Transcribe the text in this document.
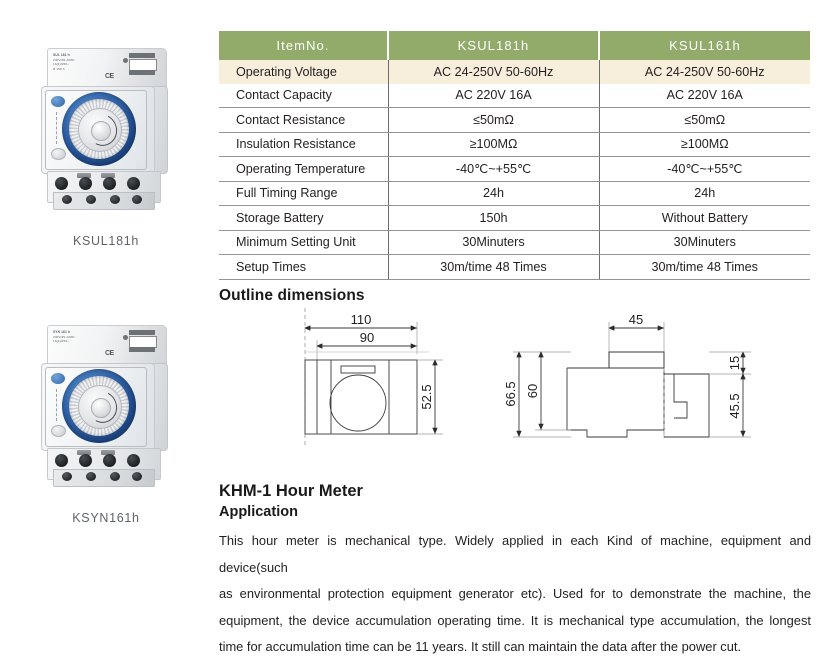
SUL 181 h
230V/45~60Hz
16(4)/250~
R 150 h
CE
KSUL181h
SYN 161 h
230V/45~60Hz
16(4)/250~
CE
KSYN161h
ItemNo.	KSUL181h	KSUL161h
Operating Voltage	AC 24-250V 50-60Hz	AC 24-250V 50-60Hz
Contact Capacity	AC 220V 16A	AC 220V 16A
Contact Resistance	≤50mΩ	≤50mΩ
Insulation Resistance	≥100MΩ	≥100MΩ
Operating Temperature	-40℃~+55℃	-40℃~+55℃
Full Timing Range	24h	24h
Storage Battery	150h	Without Battery
Minimum Setting Unit	30Minuters	30Minuters
Setup Times	30m/time 48 Times	30m/time 48 Times
Outline dimensions
110
90
52.5
45
66.5 60
15
45.5
KHM-1 Hour Meter
Application
This hour meter is mechanical type. Widely applied in each Kind of machine, equipment and device(such
as environmental protection equipment generator etc). Used for to demonstrate the machine, the
equipment, the device accumulation operating time. It is mechanical type accumulation, the longest
time for accumulation time can be 11 years. It still can maintain the data after the power cut.
